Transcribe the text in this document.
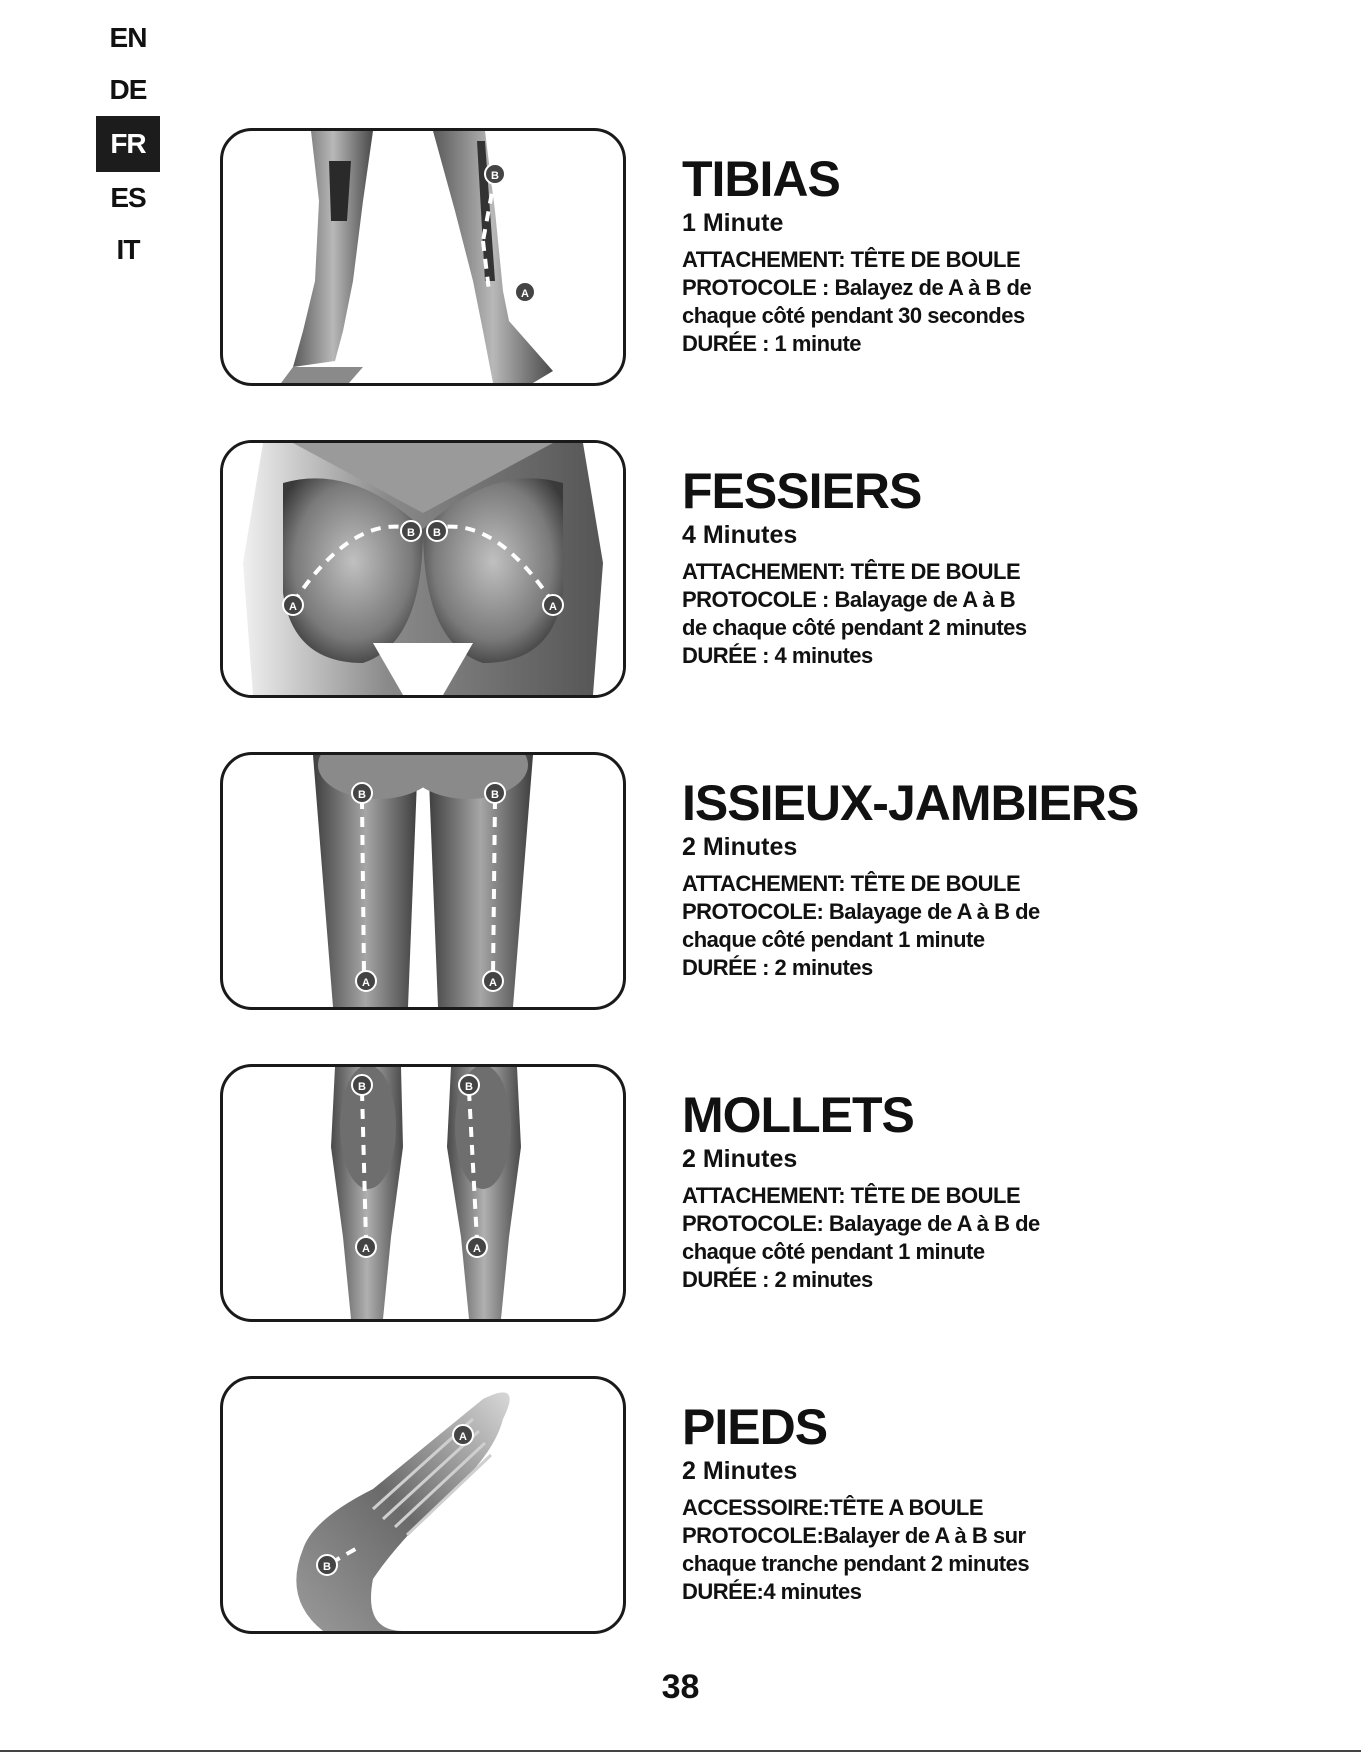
EN
DE
FR
ES
IT
B
A
TIBIAS
1 Minute
ATTACHEMENT: TÊTE DE BOULE
PROTOCOLE : Balayez de A à B de
chaque côté pendant 30 secondes
DURÉE : 1 minute
A	A
B B
FESSIERS
4 Minutes
ATTACHEMENT: TÊTE DE BOULE
PROTOCOLE : Balayage de A à B
de chaque côté pendant 2 minutes
DURÉE : 4 minutes
B	B
A	A
ISSIEUX-JAMBIERS
2 Minutes
ATTACHEMENT: TÊTE DE BOULE
PROTOCOLE: Balayage de A à B de
chaque côté pendant 1 minute
DURÉE : 2 minutes
B	B
A	A
MOLLETS
2 Minutes
ATTACHEMENT: TÊTE DE BOULE
PROTOCOLE: Balayage de A à B de
chaque côté pendant 1 minute
DURÉE : 2 minutes
A
B
PIEDS
2 Minutes
ACCESSOIRE:TÊTE A BOULE
PROTOCOLE:Balayer de A à B sur
chaque tranche pendant 2 minutes
DURÉE:4 minutes
38
